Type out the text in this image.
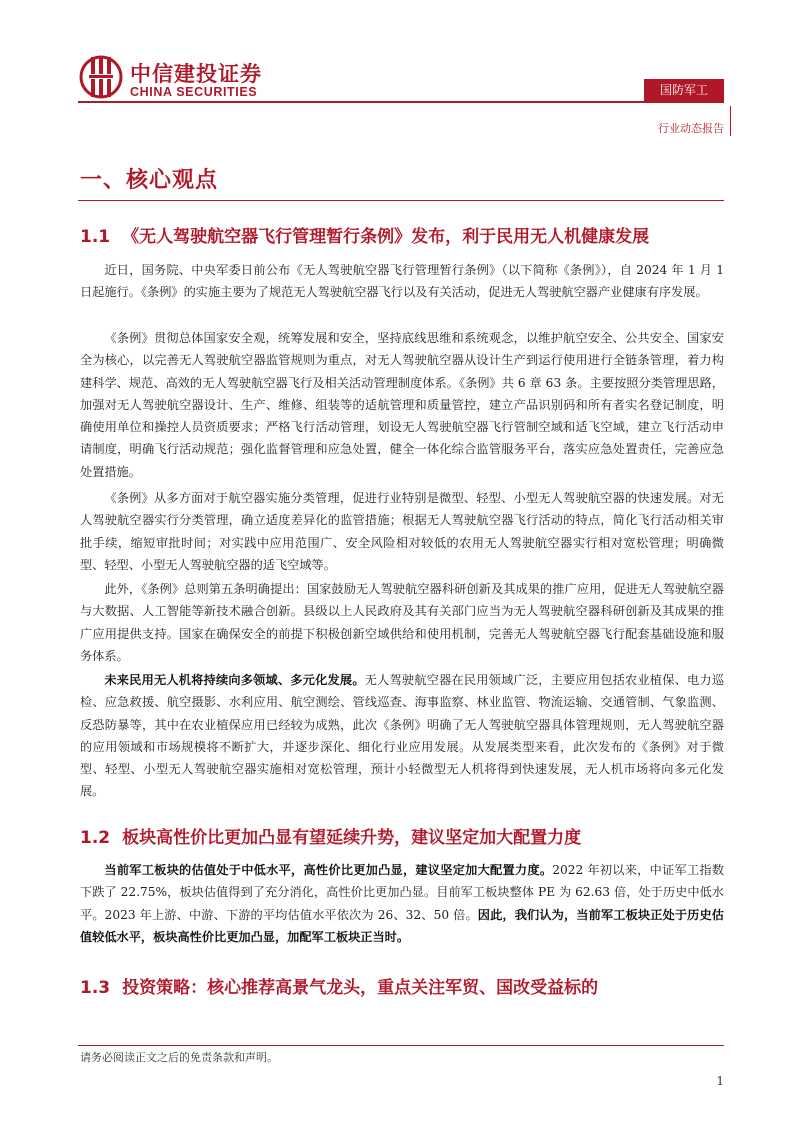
中信建投证券
CHINA SECURITIES	国防军工
行业动态报告
一、核心观点
1.1 《无人驾驶航空器飞行管理暂行条例》发布，利于民用无人机健康发展

近日，国务院、中央军委日前公布《无人驾驶航空器飞行管理暂行条例》（以下简称《条例》），自 2024 年 1 月 1 日起施行。《条例》的实施主要为了规范无人驾驶航空器飞行以及有关活动，促进无人驾驶航空器产业健康有序发展。

《条例》贯彻总体国家安全观，统筹发展和安全，坚持底线思维和系统观念，以维护航空安全、公共安全、国家安全为核心，以完善无人驾驶航空器监管规则为重点，对无人驾驶航空器从设计生产到运行使用进行全链条管理，着力构建科学、规范、高效的无人驾驶航空器飞行及相关活动管理制度体系。《条例》共 6 章 63 条。主要按照分类管理思路，加强对无人驾驶航空器设计、生产、维修、组装等的适航管理和质量管控，建立产品识别码和所有者实名登记制度，明确使用单位和操控人员资质要求；严格飞行活动管理，划设无人驾驶航空器飞行管制空域和适飞空域，建立飞行活动申请制度，明确飞行活动规范；强化监督管理和应急处置，健全一体化综合监管服务平台，落实应急处置责任，完善应急处置措施。

《条例》从多方面对于航空器实施分类管理，促进行业特别是微型、轻型、小型无人驾驶航空器的快速发展。对无人驾驶航空器实行分类管理，确立适度差异化的监管措施；根据无人驾驶航空器飞行活动的特点，简化飞行活动相关审批手续，缩短审批时间；对实践中应用范围广、安全风险相对较低的农用无人驾驶航空器实行相对宽松管理；明确微型、轻型、小型无人驾驶航空器的适飞空域等。

此外，《条例》总则第五条明确提出：国家鼓励无人驾驶航空器科研创新及其成果的推广应用，促进无人驾驶航空器与大数据、人工智能等新技术融合创新。县级以上人民政府及其有关部门应当为无人驾驶航空器科研创新及其成果的推广应用提供支持。国家在确保安全的前提下积极创新空域供给和使用机制，完善无人驾驶航空器飞行配套基础设施和服务体系。

未来民用无人机将持续向多领域、多元化发展。无人驾驶航空器在民用领域广泛，主要应用包括农业植保、电力巡检、应急救援、航空摄影、水利应用、航空测绘、管线巡查、海事监察、林业监管、物流运输、交通管制、气象监测、反恐防暴等，其中在农业植保应用已经较为成熟，此次《条例》明确了无人驾驶航空器具体管理规则，无人驾驶航空器的应用领域和市场规模将不断扩大，并逐步深化、细化行业应用发展。从发展类型来看，此次发布的《条例》对于微型、轻型、小型无人驾驶航空器实施相对宽松管理，预计小轻微型无人机将得到快速发展，无人机市场将向多元化发展。

1.2 板块高性价比更加凸显有望延续升势，建议坚定加大配置力度

当前军工板块的估值处于中低水平，高性价比更加凸显，建议坚定加大配置力度。2022 年初以来，中证军工指数下跌了 22.75%，板块估值得到了充分消化，高性价比更加凸显。目前军工板块整体 PE 为 62.63 倍，处于历史中低水平。2023 年上游、中游、下游的平均估值水平依次为 26、32、50 倍。因此，我们认为，当前军工板块正处于历史估值较低水平，板块高性价比更加凸显，加配军工板块正当时。

1.3 投资策略：核心推荐高景气龙头，重点关注军贸、国改受益标的
请务必阅读正文之后的免责条款和声明。
1
